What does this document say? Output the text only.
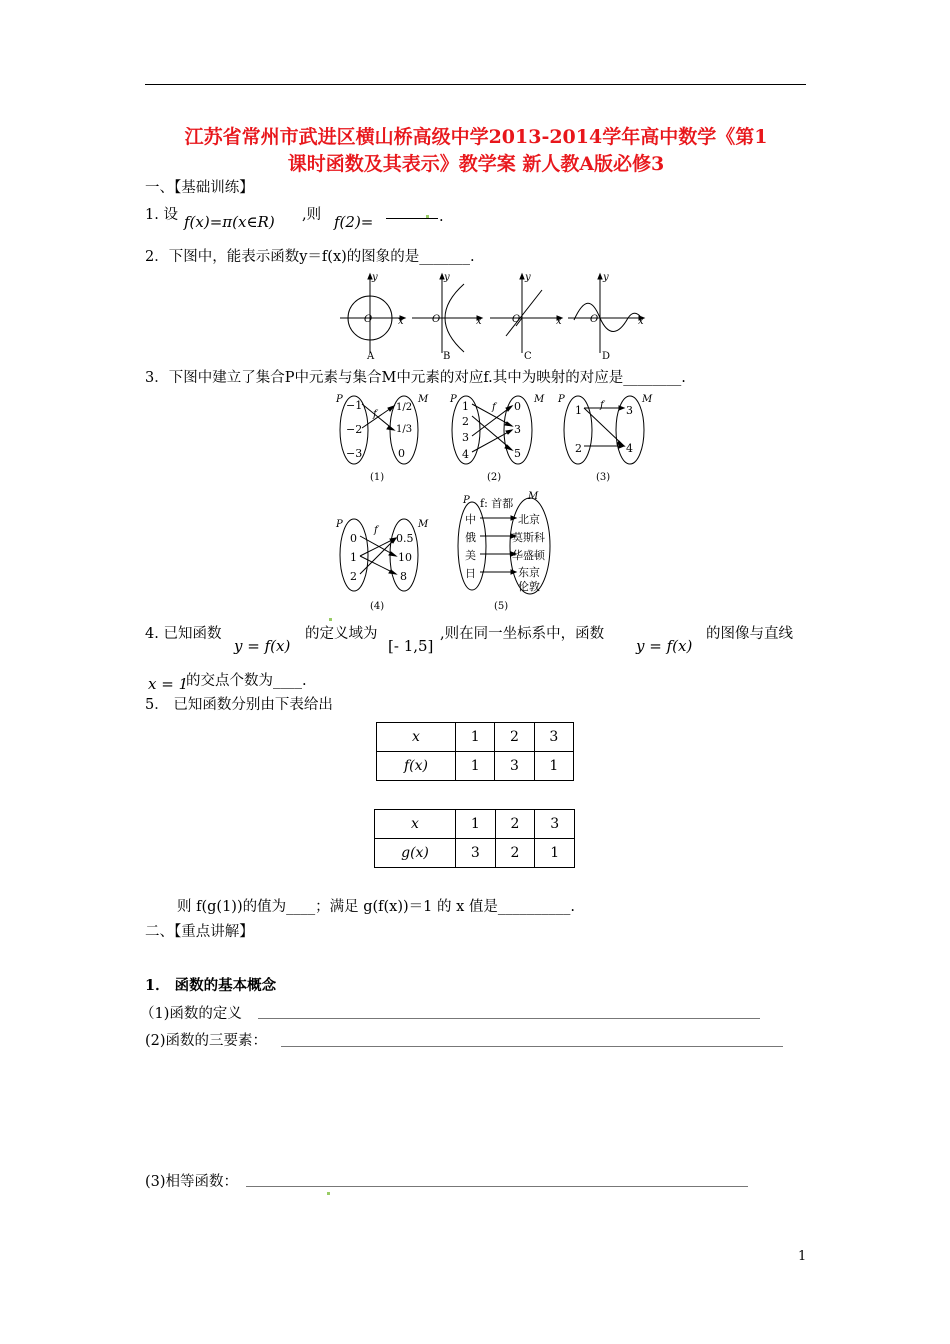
江苏省常州市武进区横山桥高级中学2013-2014学年高中数学《第1
课时函数及其表示》教学案 新人教A版必修3
一、【基础训练】
1. 设 f(x)=π(x∈R) ,则 f(2)=	.
2．下图中，能表示函数y＝f(x)的图象的是_______.
O	x
y
A
O	x
y
B
O	x
y
C
O	x
y
D
3．下图中建立了集合P中元素与集合M中元素的对应f.其中为映射的对应是________.
P	M
f
−1
−2
−3
1/2
1/3
0
(1)
P	M
f
1
2
3
4
0
3
5
(2)
P	M
f
1
2
3
4
(3)
P	M
f
0
1
2
0.5
10
8
(4)
P	M
f: 首都
中
俄
美
日
北京
莫斯科
华盛顿
东京
伦敦
(5)
4. 已知函数
y = f(x)
的定义域为
[- 1,5]
,则在同一坐标系中，函数
y = f(x)
的图像与直线
x = 1
的交点个数为____.
5． 已知函数分别由下表给出
x	1	2	3
f(x)	1	3	1
x	1	2	3
g(x)	3	2	1
则 f(g(1))的值为____；满足 g(f(x))＝1 的 x 值是__________.
二、【重点讲解】
1． 函数的基本概念
（1)函数的定义
(2)函数的三要素：
(3)相等函数：
1
